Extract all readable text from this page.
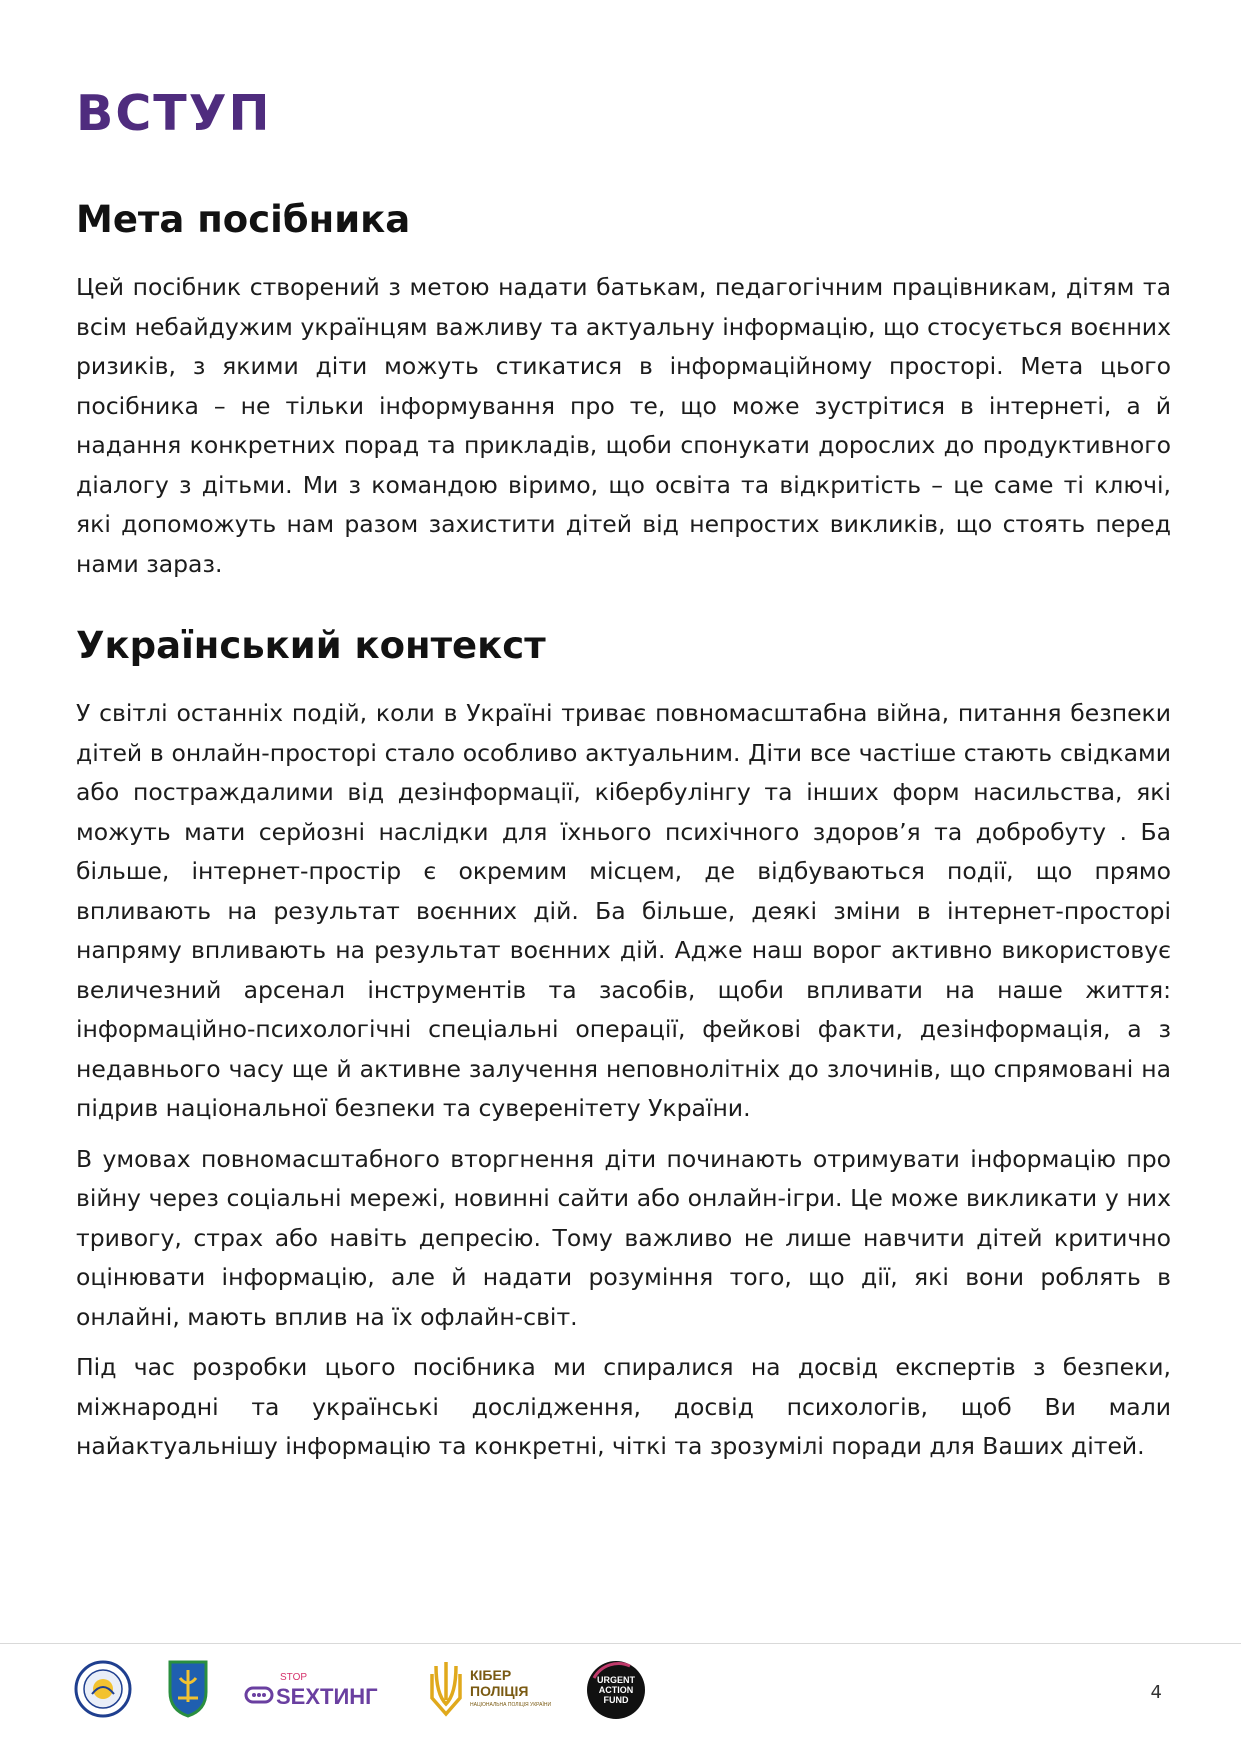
ВСТУП
Мета посібника

Цей посібник створений з метою надати батькам, педагогічним працівникам, дітям та всім небайдужим українцям важливу та актуальну інформацію, що стосується воєнних ризиків, з якими діти можуть стикатися в інформаційному просторі. Мета цього посібника – не тільки інформування про те, що може зустрітися в інтернеті, а й надання конкретних порад та прикладів, щоби спонукати дорослих до продуктивного діалогу з дітьми. Ми з командою віримо, що освіта та відкритість – це саме ті ключі, які допоможуть нам разом захистити дітей від непростих викликів, що стоять перед нами зараз.

Український контекст

У світлі останніх подій, коли в Україні триває повномасштабна війна, питання безпеки дітей в онлайн-просторі стало особливо актуальним. Діти все частіше стають свідками або постраждалими від дезінформації, кібербулінгу та інших форм насильства, які можуть мати серйозні наслідки для їхнього психічного здоров’я та добробуту . Ба більше, інтернет-простір є окремим місцем, де відбуваються події, що прямо впливають на результат воєнних дій. Ба більше, деякі зміни в інтернет-просторі напряму впливають на результат воєнних дій. Адже наш ворог активно використовує величезний арсенал інструментів та засобів, щоби впливати на наше життя: інформаційно-психологічні спеціальні операції, фейкові факти, дезінформація, а з недавнього часу ще й активне залучення неповнолітніх до злочинів, що спрямовані на підрив національної безпеки та суверенітету України.

В умовах повномасштабного вторгнення діти починають отримувати інформацію про війну через соціальні мережі, новинні сайти або онлайн-ігри. Це може викликати у них тривогу, страх або навіть депресію. Тому важливо не лише навчити дітей критично оцінювати інформацію, але й надати розуміння того, що дії, які вони роблять в онлайні, мають вплив на їх офлайн-світ.

Під час розробки цього посібника ми спиралися на досвід експертів з безпеки, міжнародні та українські дослідження, досвід психологів, щоб Ви мали найактуальнішу інформацію та конкретні, чіткі та зрозумілі поради для Ваших дітей.

STOP
SEXТИНГ
КІБЕР
ПОЛІЦІЯ
НАЦІОНАЛЬНА ПОЛІЦІЯ УКРАЇНИ
URGENT
ACTION
FUND	4
